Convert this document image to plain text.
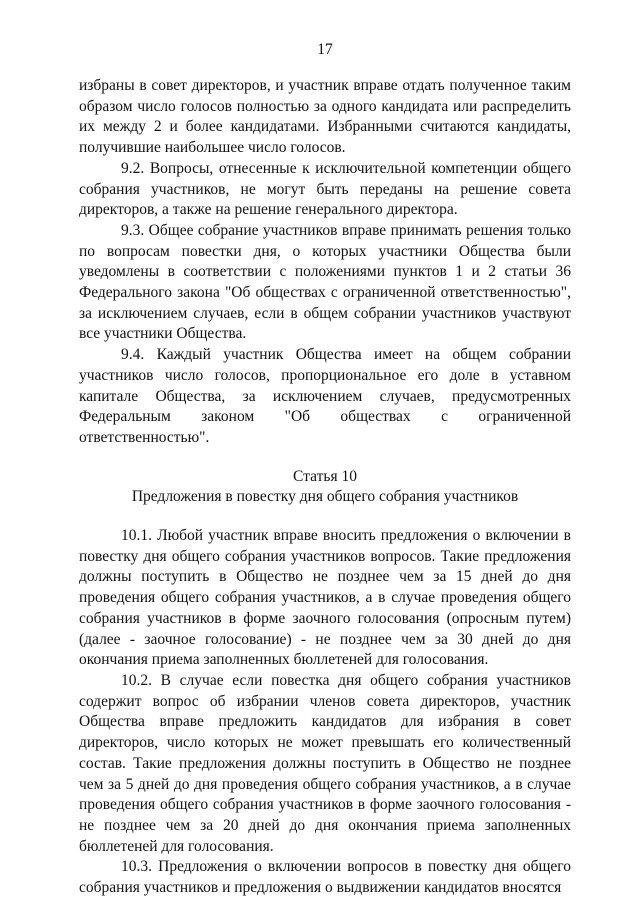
17

избраны в совет директоров, и участник вправе отдать полученное таким образом число голосов полностью за одного кандидата или распределить их между 2 и более кандидатами. Избранными считаются кандидаты, получившие наибольшее число голосов.

9.2. Вопросы, отнесенные к исключительной компетенции общего собрания участников, не могут быть переданы на решение совета директоров, а также на решение генерального директора.

9.3. Общее собрание участников вправе принимать решения только по вопросам повестки дня, о которых участники Общества были уведомлены в соответствии с положениями пунктов 1 и 2 статьи 36 Федерального закона "Об обществах с ограниченной ответственностью", за исключением случаев, если в общем собрании участников участвуют все участники Общества.

9.4. Каждый участник Общества имеет на общем собрании участников число голосов, пропорциональное его доле в уставном капитале Общества, за исключением случаев, предусмотренных Федеральным законом "Об обществах с ограниченной ответственностью".

Статья 10

Предложения в повестку дня общего собрания участников

10.1. Любой участник вправе вносить предложения о включении в повестку дня общего собрания участников вопросов. Такие предложения должны поступить в Общество не позднее чем за 15 дней до дня проведения общего собрания участников, а в случае проведения общего собрания участников в форме заочного голосования (опросным путем) (далее - заочное голосование) - не позднее чем за 30 дней до дня окончания приема заполненных бюллетеней для голосования.

10.2. В случае если повестка дня общего собрания участников содержит вопрос об избрании членов совета директоров, участник Общества вправе предложить кандидатов для избрания в совет директоров, число которых не может превышать его количественный состав. Такие предложения должны поступить в Общество не позднее чем за 5 дней до дня проведения общего собрания участников, а в случае проведения общего собрания участников в форме заочного голосования - не позднее чем за 20 дней до дня окончания приема заполненных бюллетеней для голосования.

10.3. Предложения о включении вопросов в повестку дня общего собрания участников и предложения о выдвижении кандидатов вносятся
